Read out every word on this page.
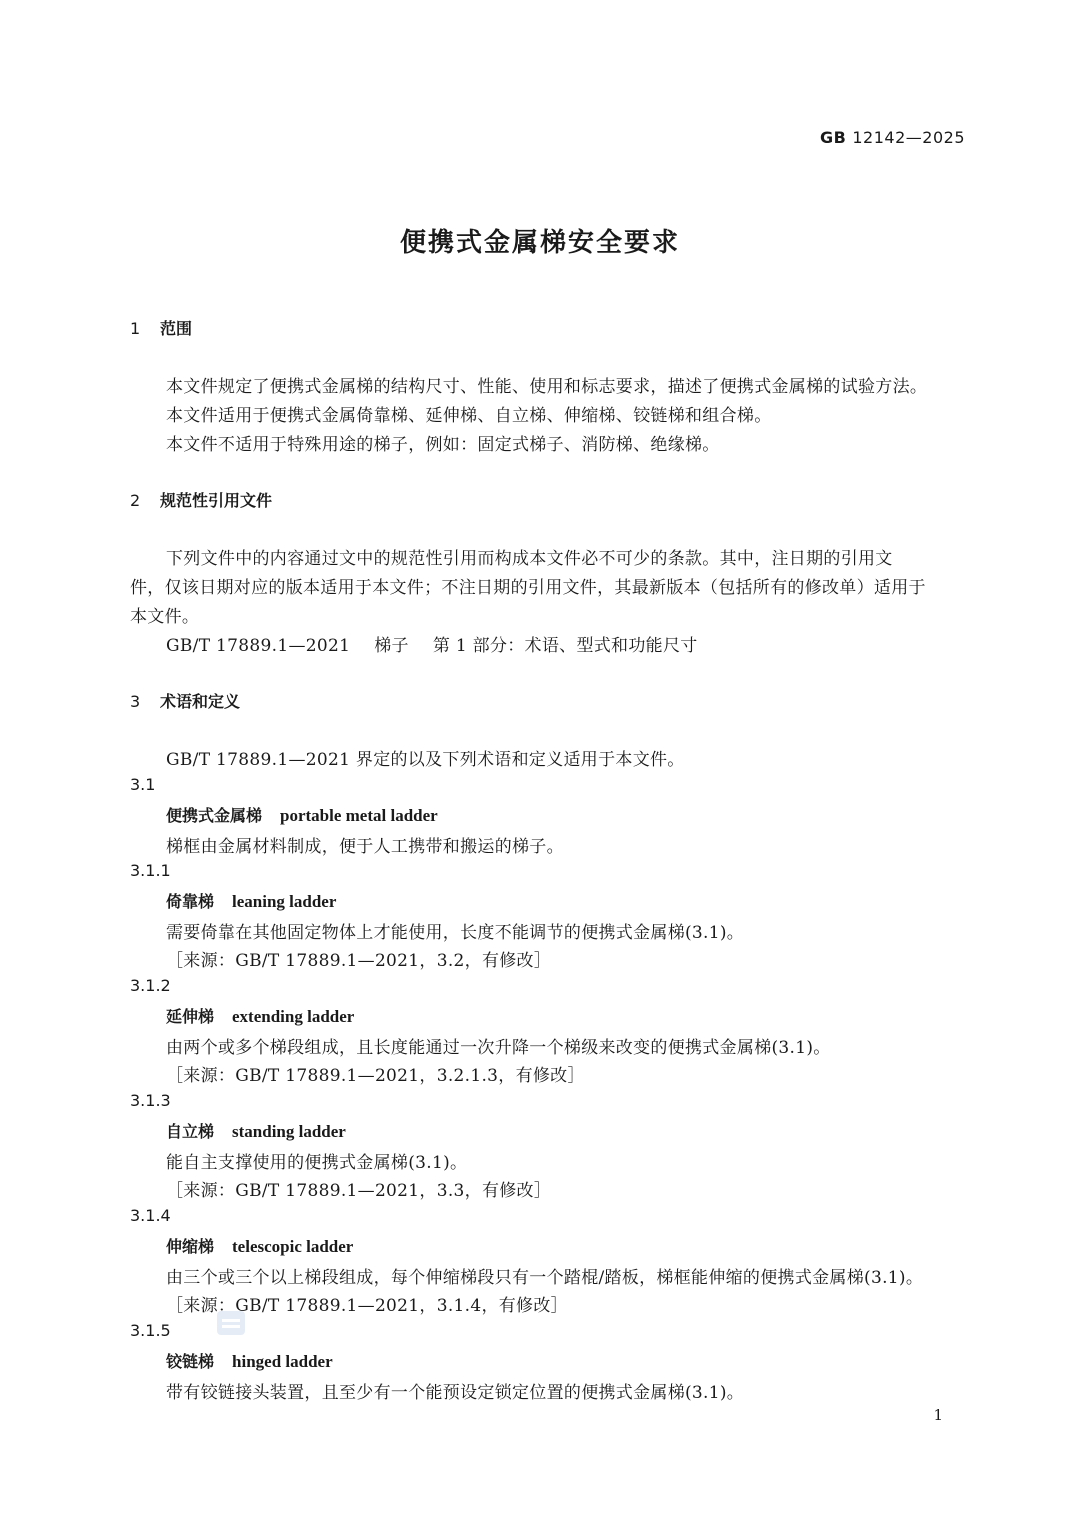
GB 12142—2025
便携式金属梯安全要求
1 范围
本文件规定了便携式金属梯的结构尺寸、性能、使用和标志要求，描述了便携式金属梯的试验方法。
本文件适用于便携式金属倚靠梯、延伸梯、自立梯、伸缩梯、铰链梯和组合梯。
本文件不适用于特殊用途的梯子，例如：固定式梯子、消防梯、绝缘梯。
2 规范性引用文件
下列文件中的内容通过文中的规范性引用而构成本文件必不可少的条款。其中，注日期的引用文
件，仅该日期对应的版本适用于本文件；不注日期的引用文件，其最新版本（包括所有的修改单）适用于
本文件。
GB/T 17889.1—2021 梯子 第 1 部分：术语、型式和功能尺寸
3 术语和定义
GB/T 17889.1—2021 界定的以及下列术语和定义适用于本文件。
3.1
便携式金属梯 portable metal ladder
梯框由金属材料制成，便于人工携带和搬运的梯子。
3.1.1
倚靠梯 leaning ladder
需要倚靠在其他固定物体上才能使用，长度不能调节的便携式金属梯(3.1)。
［来源：GB/T 17889.1—2021，3.2，有修改］
3.1.2
延伸梯 extending ladder
由两个或多个梯段组成，且长度能通过一次升降一个梯级来改变的便携式金属梯(3.1)。
［来源：GB/T 17889.1—2021，3.2.1.3，有修改］
3.1.3
自立梯 standing ladder
能自主支撑使用的便携式金属梯(3.1)。
［来源：GB/T 17889.1—2021，3.3，有修改］
3.1.4
伸缩梯 telescopic ladder
由三个或三个以上梯段组成，每个伸缩梯段只有一个踏棍/踏板，梯框能伸缩的便携式金属梯(3.1)。
［来源：GB/T 17889.1—2021，3.1.4，有修改］
3.1.5
铰链梯 hinged ladder
带有铰链接头装置，且至少有一个能预设定锁定位置的便携式金属梯(3.1)。
1
